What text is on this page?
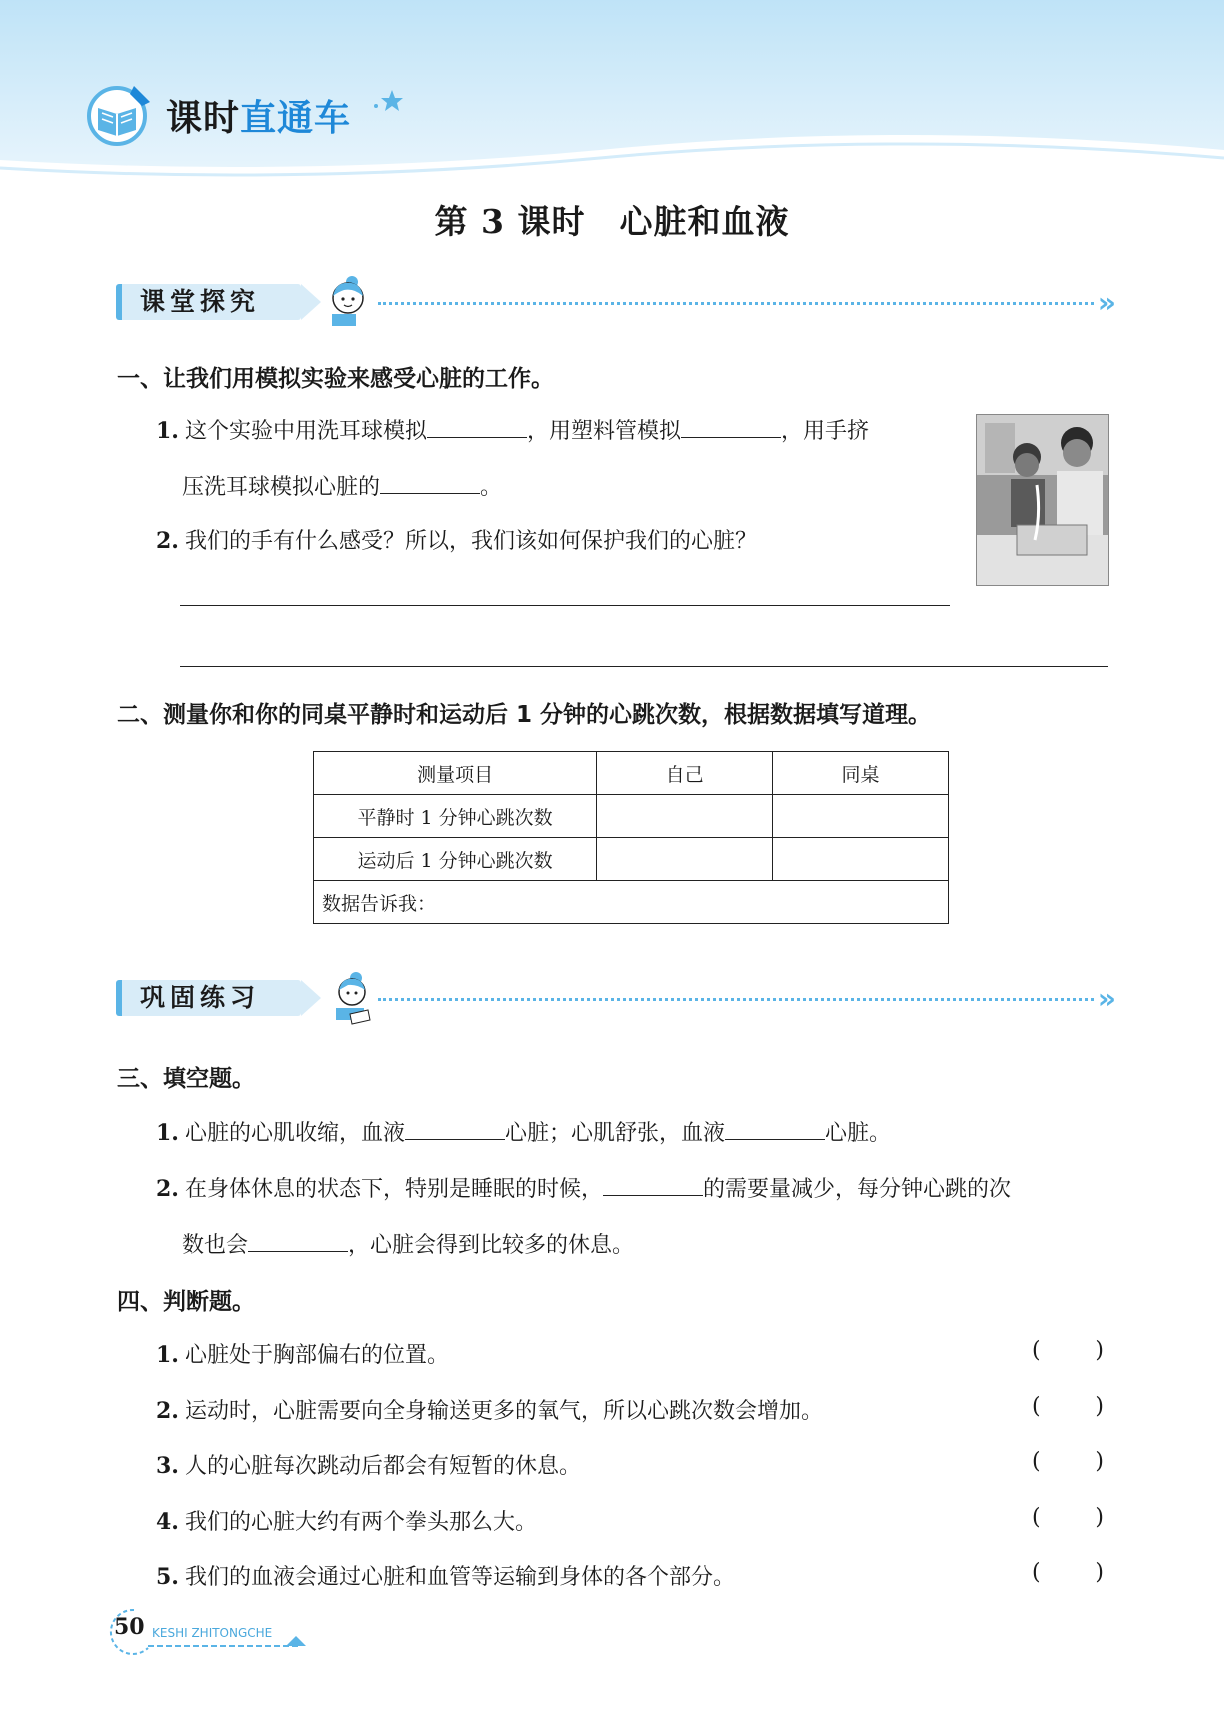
课时直通车
第 3 课时　心脏和血液
课堂探究	»
一、让我们用模拟实验来感受心脏的工作。
1. 这个实验中用洗耳球模拟	，用塑料管模拟	，用手挤
压洗耳球模拟心脏的	。
2. 我们的手有什么感受？所以，我们该如何保护我们的心脏？
二、测量你和你的同桌平静时和运动后 1 分钟的心跳次数，根据数据填写道理。
测量项目	自己	同桌
平静时 1 分钟心跳次数		
运动后 1 分钟心跳次数		
数据告诉我：		
巩固练习	»
三、填空题。
1. 心脏的心肌收缩，血液	心脏；心肌舒张，血液	心脏。
2. 在身体休息的状态下，特别是睡眠的时候，	的需要量减少，每分钟心跳的次
数也会	，心脏会得到比较多的休息。
四、判断题。
1. 心脏处于胸部偏右的位置。	( )
2. 运动时，心脏需要向全身输送更多的氧气，所以心跳次数会增加。	( )
3. 人的心脏每次跳动后都会有短暂的休息。	( )
4. 我们的心脏大约有两个拳头那么大。	( )
5. 我们的血液会通过心脏和血管等运输到身体的各个部分。	( )
50 KESHI ZHITONGCHE
